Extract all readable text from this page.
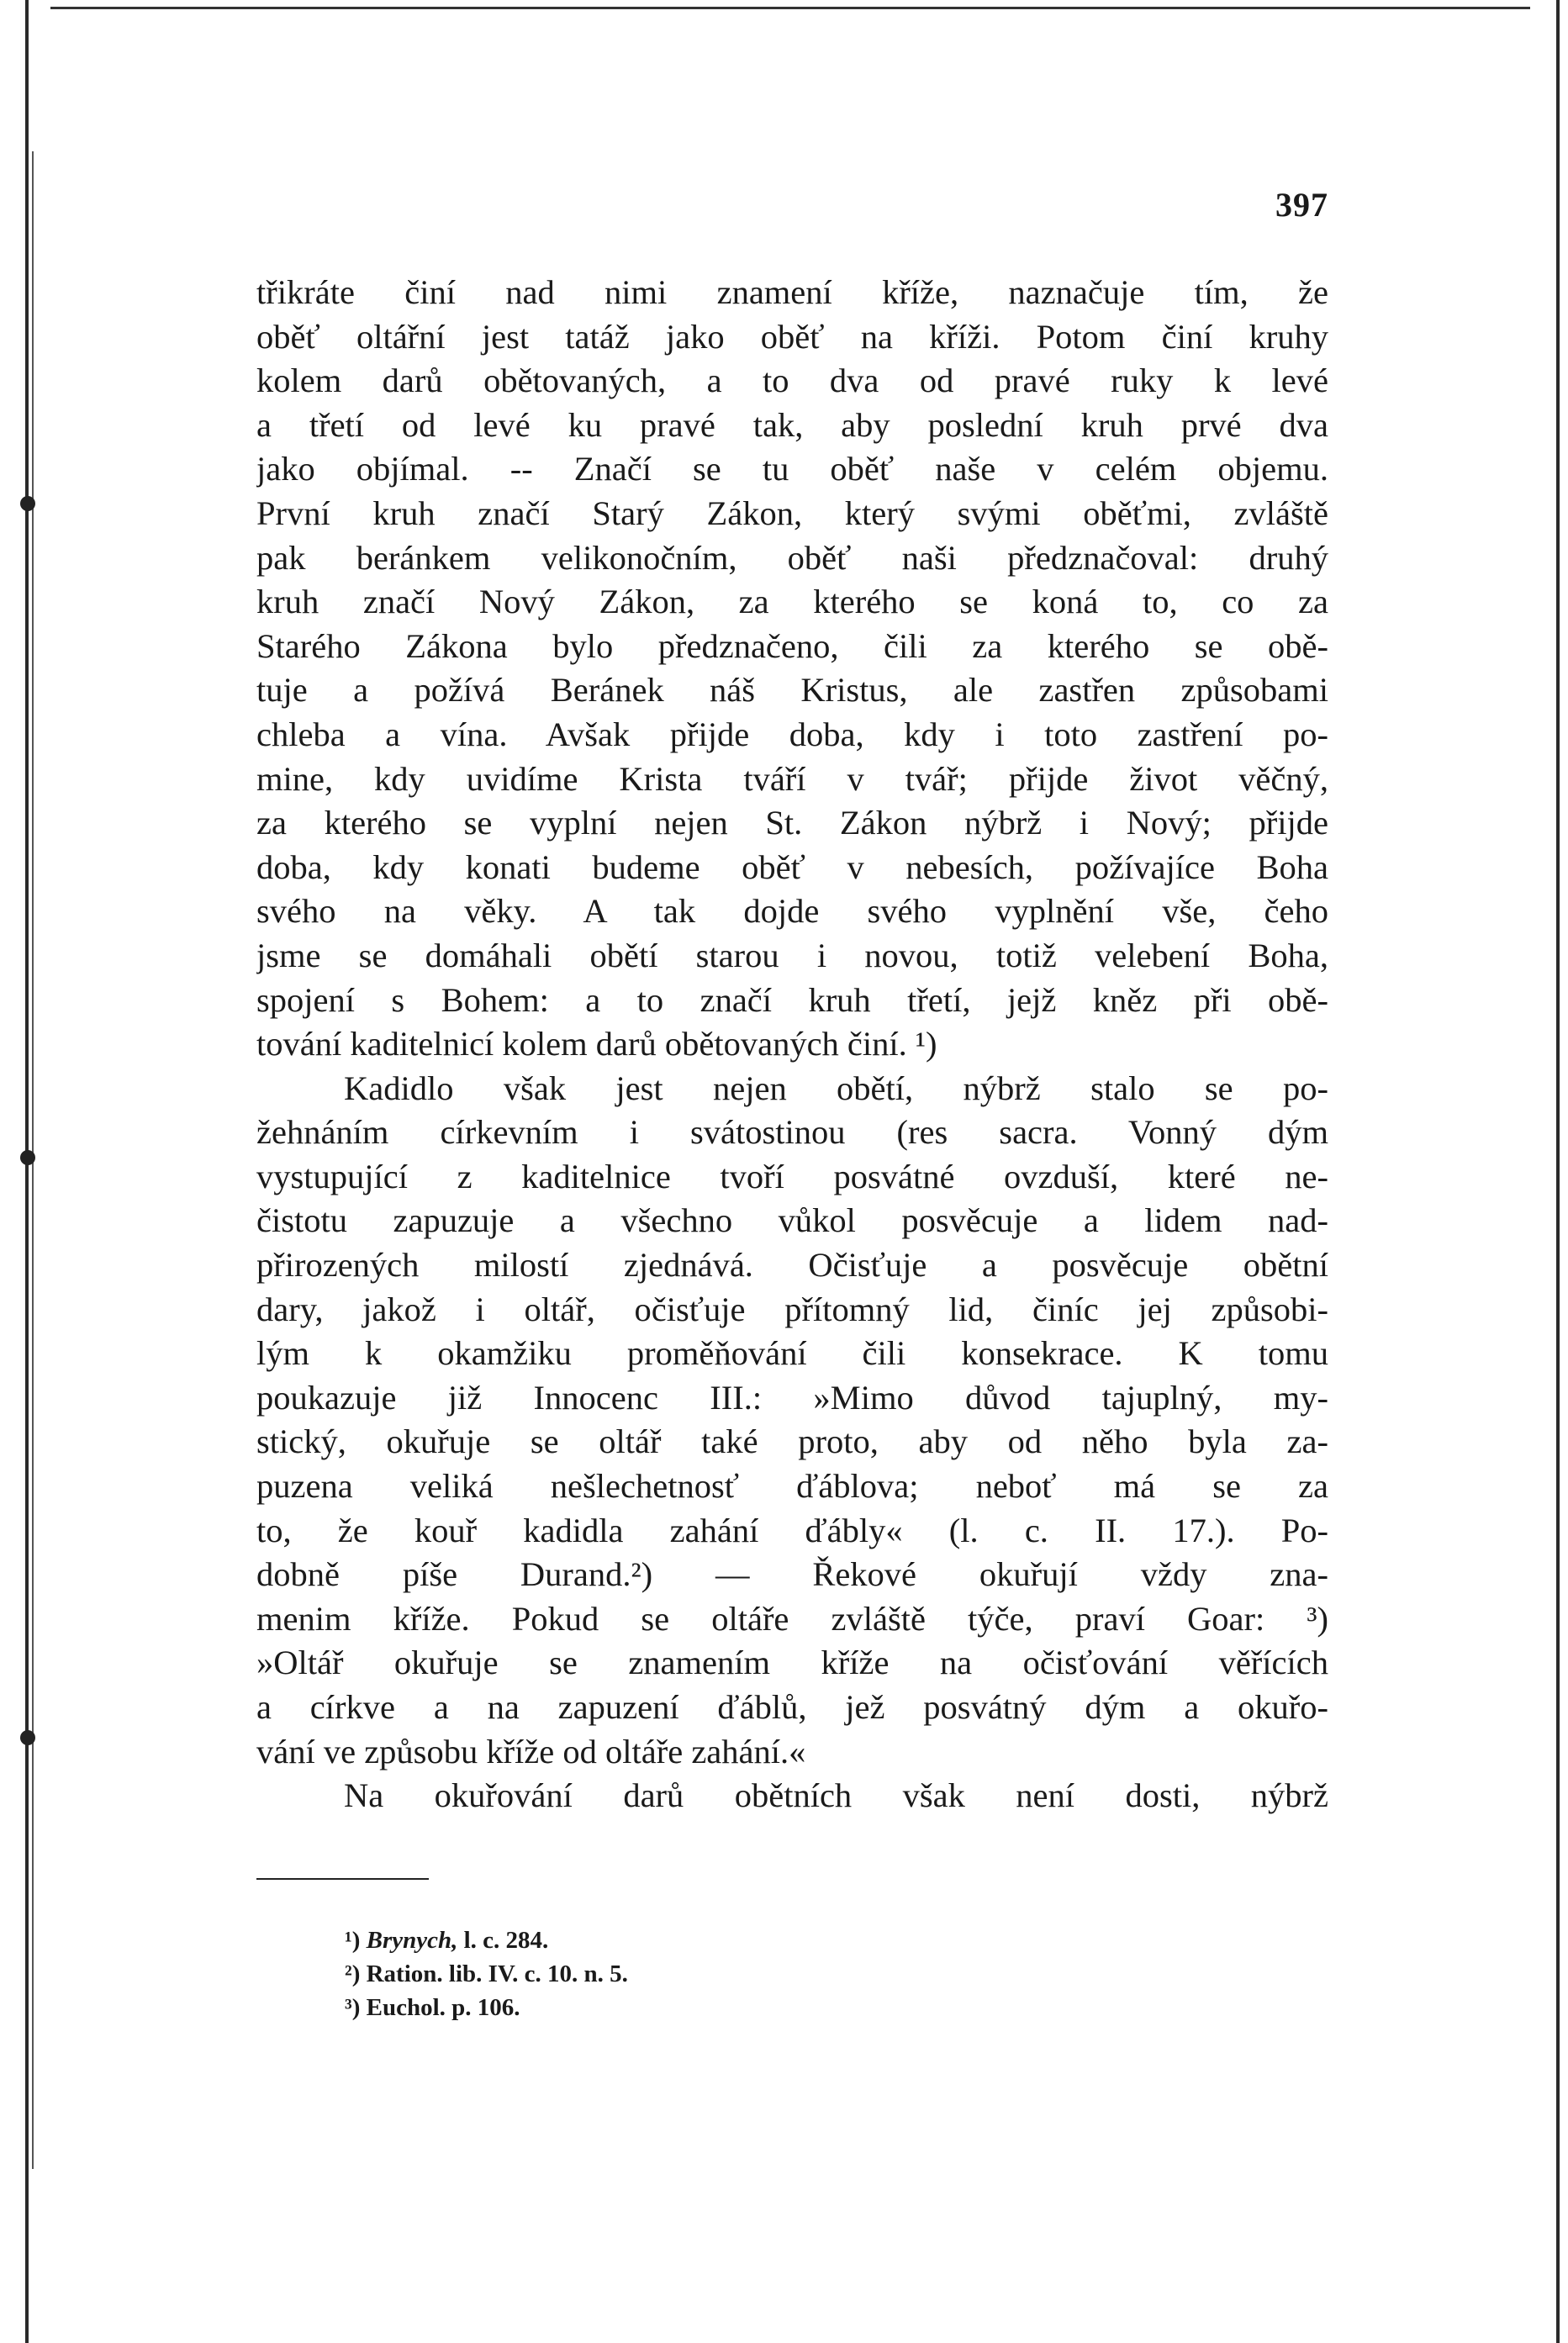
397
třikráte činí nad nimi znamení kříže, naznačuje tím, že
oběť oltářní jest tatáž jako oběť na kříži. Potom činí kruhy
kolem darů obětovaných, a to dva od pravé ruky k levé
a třetí od levé ku pravé tak, aby poslední kruh prvé dva
jako objímal. -- Značí se tu oběť naše v celém objemu.
První kruh značí Starý Zákon, který svými oběťmi, zvláště
pak beránkem velikonočním, oběť naši předznačoval: druhý
kruh značí Nový Zákon, za kterého se koná to, co za
Starého Zákona bylo předznačeno, čili za kterého se obě-
tuje a požívá Beránek náš Kristus, ale zastřen způsobami
chleba a vína. Avšak přijde doba, kdy i toto zastření po-
mine, kdy uvidíme Krista tváří v tvář; přijde život věčný,
za kterého se vyplní nejen St. Zákon nýbrž i Nový; přijde
doba, kdy konati budeme oběť v nebesích, požívajíce Boha
svého na věky. A tak dojde svého vyplnění vše, čeho
jsme se domáhali obětí starou i novou, totiž velebení Boha,
spojení s Bohem: a to značí kruh třetí, jejž kněz při obě-
tování kaditelnicí kolem darů obětovaných činí. ¹)
Kadidlo však jest nejen obětí, nýbrž stalo se po-
žehnáním církevním i svátostinou (res sacra. Vonný dým
vystupující z kaditelnice tvoří posvátné ovzduší, které ne-
čistotu zapuzuje a všechno vůkol posvěcuje a lidem nad-
přirozených milostí zjednává. Očisťuje a posvěcuje obětní
dary, jakož i oltář, očisťuje přítomný lid, činíc jej způsobi-
lým k okamžiku proměňování čili konsekrace. K tomu
poukazuje již Innocenc III.: »Mimo důvod tajuplný, my-
stický, okuřuje se oltář také proto, aby od něho byla za-
puzena veliká nešlechetnosť ďáblova; neboť má se za
to, že kouř kadidla zahání ďábly« (l. c. II. 17.). Po-
dobně píše Durand.²) — Řekové okuřují vždy zna-
menim kříže. Pokud se oltáře zvláště týče, praví Goar: ³)
»Oltář okuřuje se znamením kříže na očisťování věřících
a církve a na zapuzení ďáblů, jež posvátný dým a okuřo-
vání ve způsobu kříže od oltáře zahání.«
Na okuřování darů obětních však není dosti, nýbrž
¹) Brynych, l. c. 284.
²) Ration. lib. IV. c. 10. n. 5.
³) Euchol. p. 106.
